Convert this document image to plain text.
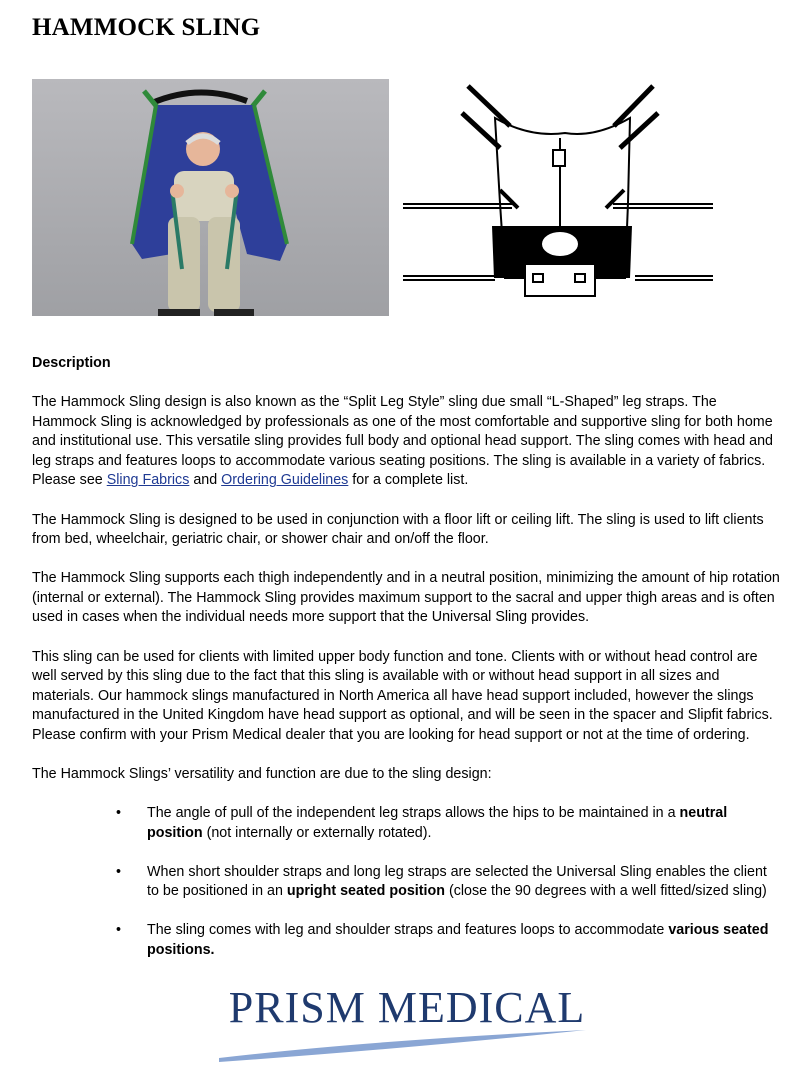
HAMMOCK SLING
Description

The Hammock Sling design is also known as the “Split Leg Style” sling due small “L-Shaped” leg straps. The Hammock Sling is acknowledged by professionals as one of the most comfortable and supportive sling for both home and institutional use. This versatile sling provides full body and optional head support. The sling comes with head and leg straps and features loops to accommodate various seating positions. The sling is available in a variety of fabrics. Please see Sling Fabrics and Ordering Guidelines for a complete list.

The Hammock Sling is designed to be used in conjunction with a floor lift or ceiling lift. The sling is used to lift clients from bed, wheelchair, geriatric chair, or shower chair and on/off the floor.

The Hammock Sling supports each thigh independently and in a neutral position, minimizing the amount of hip rotation (internal or external). The Hammock Sling provides maximum support to the sacral and upper thigh areas and is often used in cases when the individual needs more support that the Universal Sling provides.

This sling can be used for clients with limited upper body function and tone. Clients with or without head control are well served by this sling due to the fact that this sling is available with or without head support in all sizes and materials. Our hammock slings manufactured in North America all have head support included, however the slings manufactured in the United Kingdom have head support as optional, and will be seen in the spacer and Slipfit fabrics. Please confirm with your Prism Medical dealer that you are looking for head support or not at the time of ordering.

The Hammock Slings’ versatility and function are due to the sling design:

• The angle of pull of the independent leg straps allows the hips to be maintained in a neutral position (not internally or externally rotated).
• When short shoulder straps and long leg straps are selected the Universal Sling enables the client to be positioned in an upright seated position (close the 90 degrees with a well fitted/sized sling)
• The sling comes with leg and shoulder straps and features loops to accommodate various seated positions.
PRISM MEDICAL
